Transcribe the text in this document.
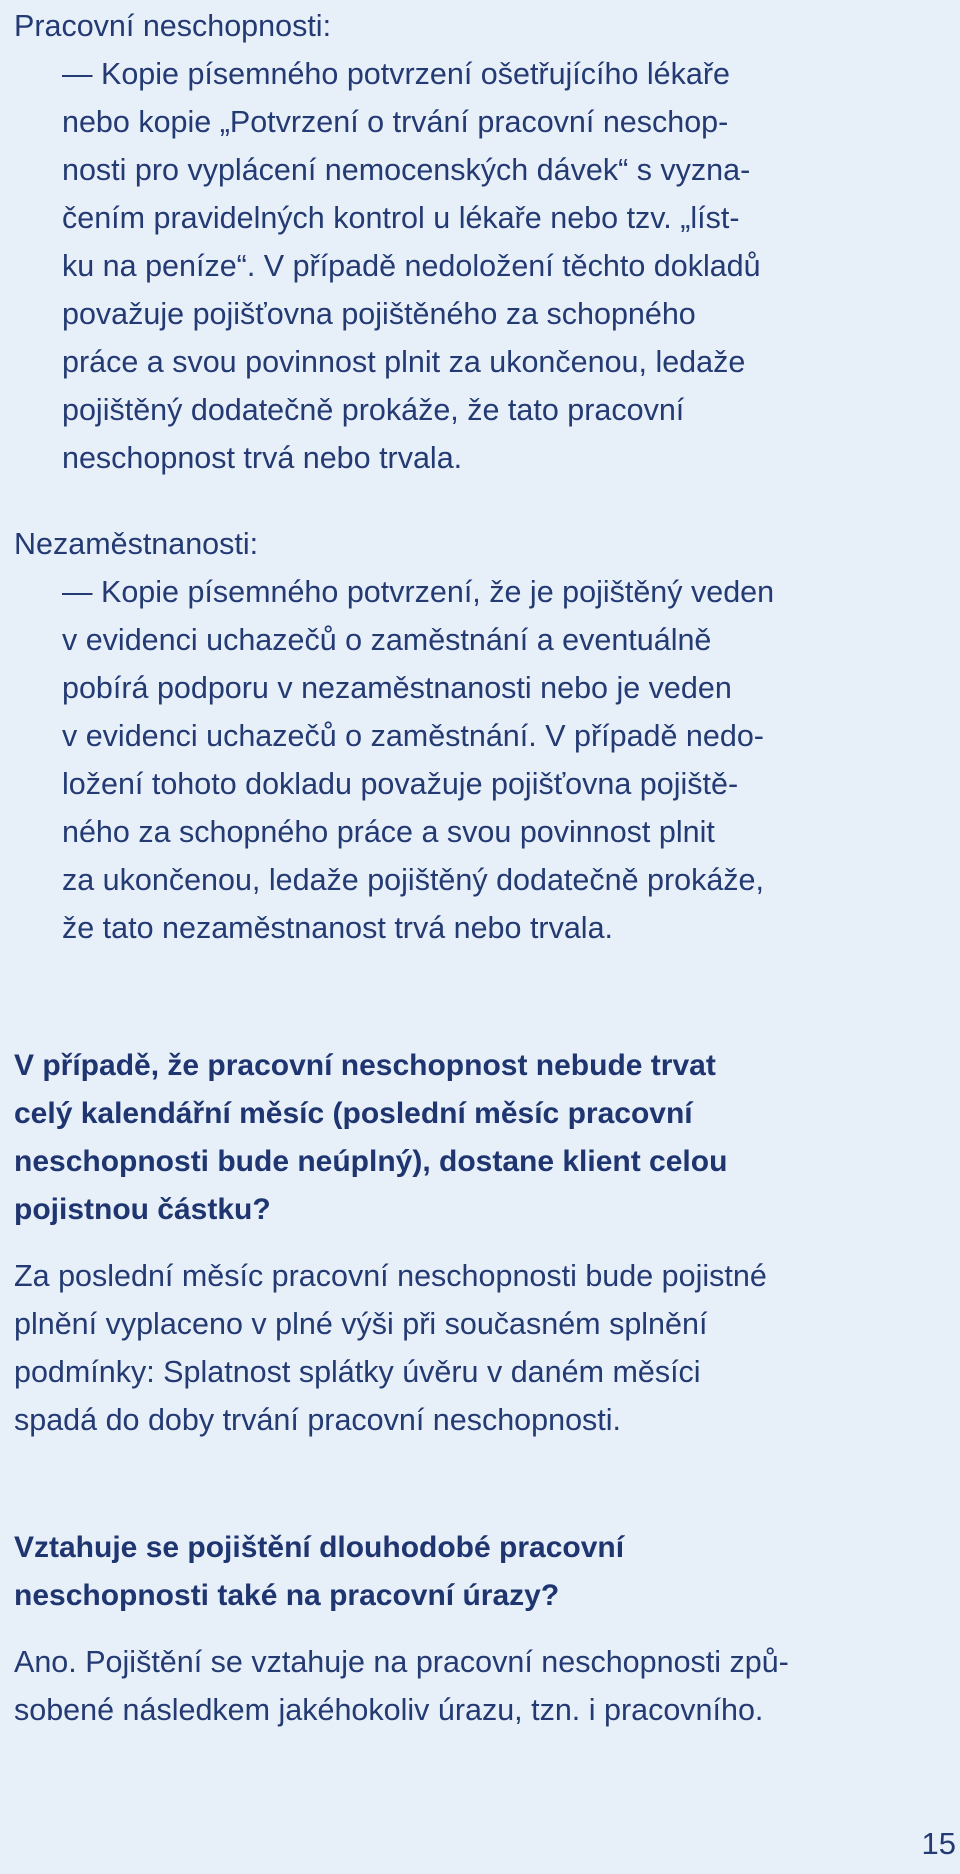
Pracovní neschopnosti:

— Kopie písemného potvrzení ošetřujícího lékaře

nebo kopie „Potvrzení o trvání pracovní neschop-

nosti pro vyplácení nemocenských dávek“ s vyzna-

čením pravidelných kontrol u lékaře nebo tzv. „líst-

ku na peníze“. V případě nedoložení těchto dokladů

považuje pojišťovna pojištěného za schopného

práce a svou povinnost plnit za ukončenou, ledaže

pojištěný dodatečně prokáže, že tato pracovní

neschopnost trvá nebo trvala.

Nezaměstnanosti:

— Kopie písemného potvrzení, že je pojištěný veden

v evidenci uchazečů o zaměstnání a eventuálně

pobírá podporu v nezaměstnanosti nebo je veden

v evidenci uchazečů o zaměstnání. V případě nedo-

ložení tohoto dokladu považuje pojišťovna pojiště-

ného za schopného práce a svou povinnost plnit

za ukončenou, ledaže pojištěný dodatečně prokáže,

že tato nezaměstnanost trvá nebo trvala.

V případě, že pracovní neschopnost nebude trvat

celý kalendářní měsíc (poslední měsíc pracovní

neschopnosti bude neúplný), dostane klient celou

pojistnou částku?

Za poslední měsíc pracovní neschopnosti bude pojistné

plnění vyplaceno v plné výši při současném splnění

podmínky: Splatnost splátky úvěru v daném měsíci

spadá do doby trvání pracovní neschopnosti.

Vztahuje se pojištění dlouhodobé pracovní

neschopnosti také na pracovní úrazy?

Ano. Pojištění se vztahuje na pracovní neschopnosti způ-

sobené následkem jakéhokoliv úrazu, tzn. i pracovního.

15
